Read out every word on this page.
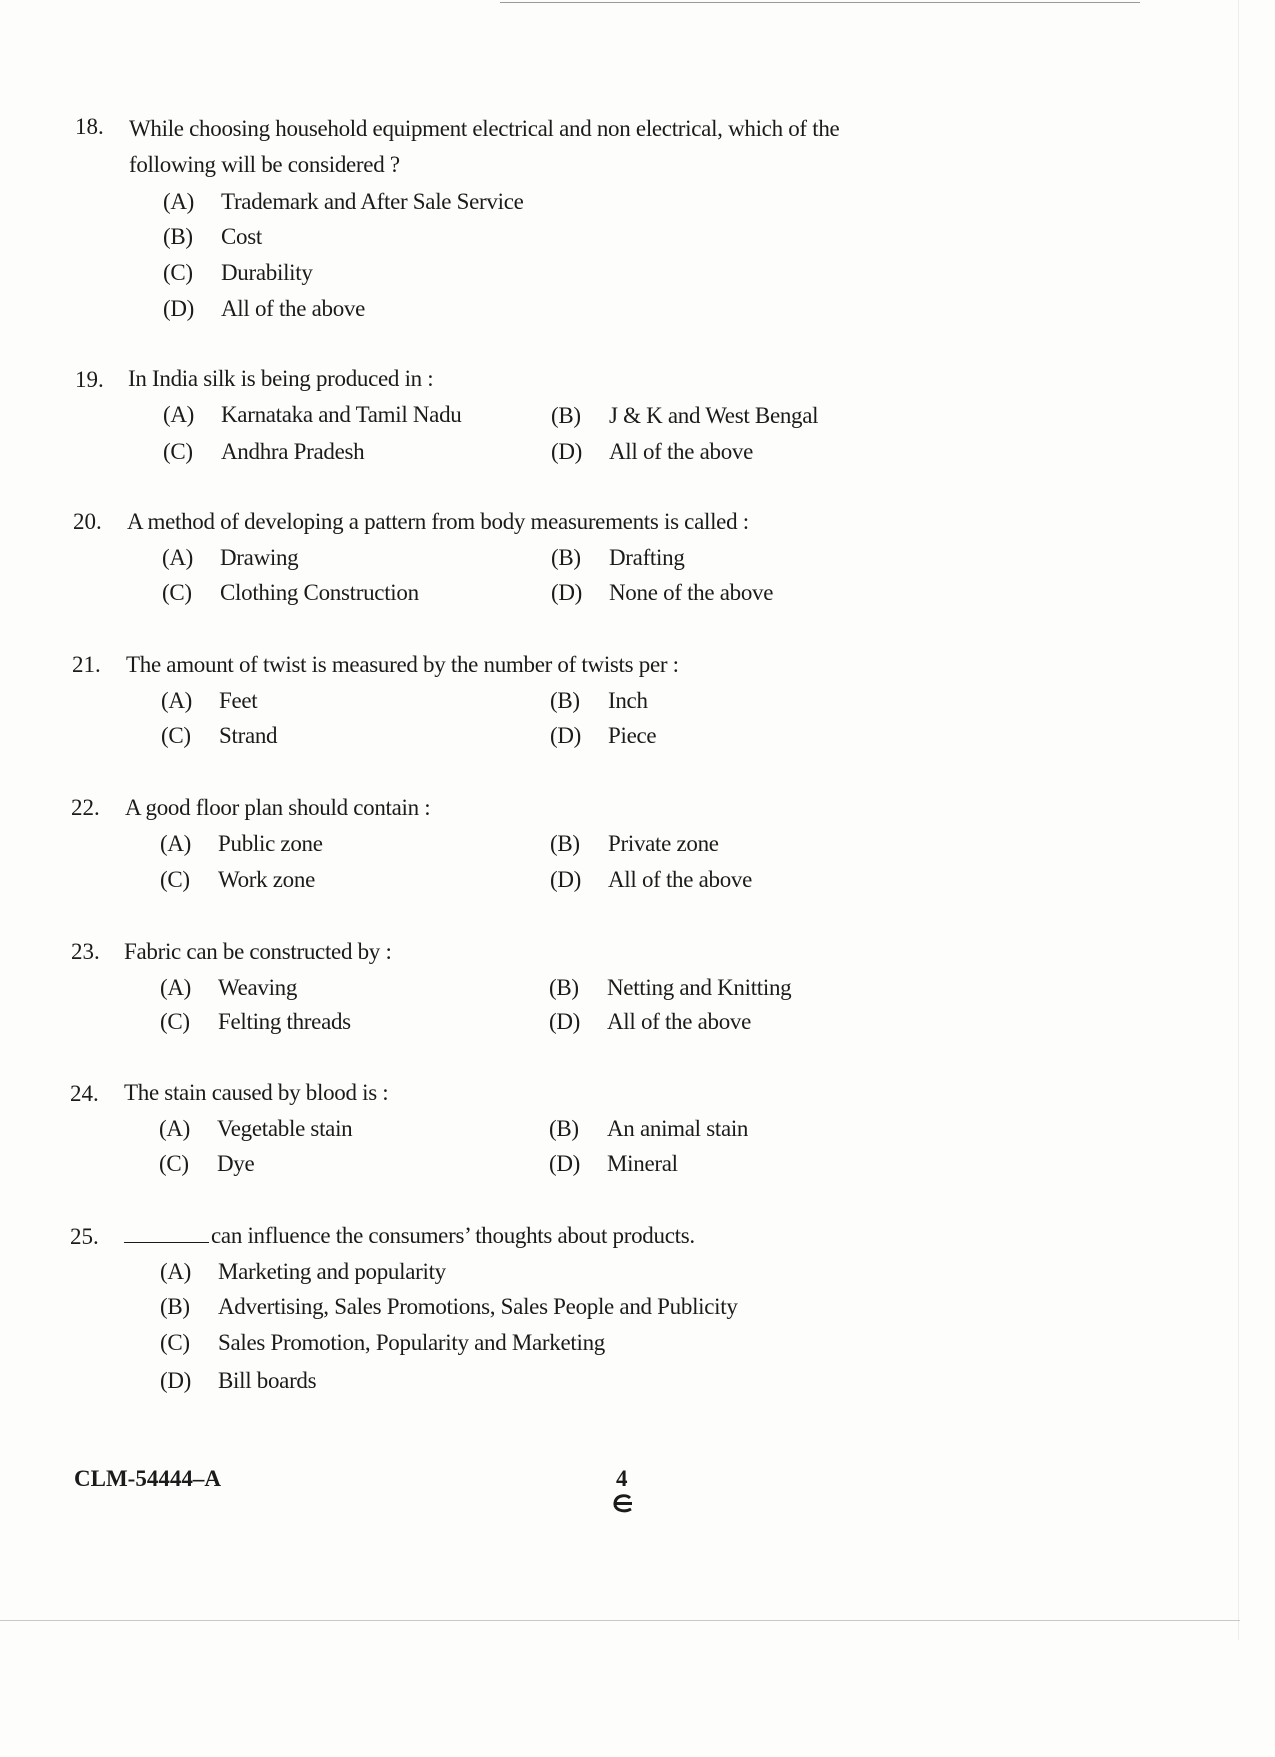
18. While choosing household equipment electrical and non electrical, which of the
following will be considered ?
(A) Trademark and After Sale Service
(B) Cost
(C) Durability
(D) All of the above
19. In India silk is being produced in :
(A) Karnataka and Tamil Nadu	(B) J & K and West Bengal
(C) Andhra Pradesh	(D) All of the above
20. A method of developing a pattern from body measurements is called :
(A) Drawing	(B) Drafting
(C) Clothing Construction	(D) None of the above
21. The amount of twist is measured by the number of twists per :
(A) Feet	(B) Inch
(C) Strand	(D) Piece
22. A good floor plan should contain :
(A) Public zone	(B) Private zone
(C) Work zone	(D) All of the above
23. Fabric can be constructed by :
(A) Weaving	(B) Netting and Knitting
(C) Felting threads	(D) All of the above
24. The stain caused by blood is :
(A) Vegetable stain	(B) An animal stain
(C) Dye	(D) Mineral
25.	can influence the consumers’ thoughts about products.
(A) Marketing and popularity
(B) Advertising, Sales Promotions, Sales People and Publicity
(C) Sales Promotion, Popularity and Marketing
(D) Bill boards
CLM-54444–A	4
